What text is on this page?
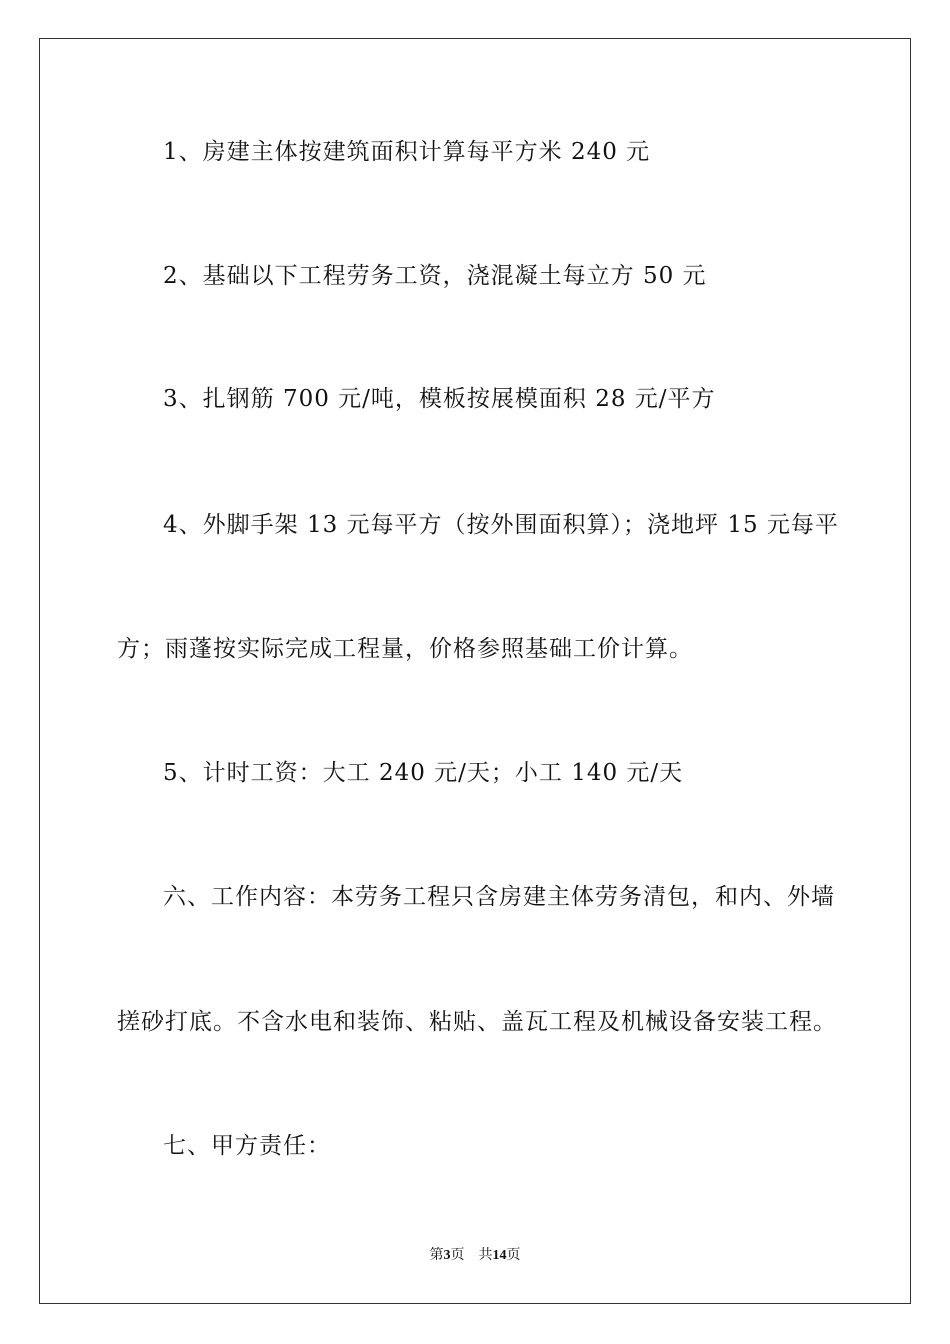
1、房建主体按建筑面积计算每平方米 240 元
2、基础以下工程劳务工资，浇混凝土每立方 50 元
3、扎钢筋 700 元/吨，模板按展模面积 28 元/平方
4、外脚手架 13 元每平方（按外围面积算）；浇地坪 15 元每平
方；雨蓬按实际完成工程量，价格参照基础工价计算。
5、计时工资：大工 240 元/天；小工 140 元/天
六、工作内容：本劳务工程只含房建主体劳务清包，和内、外墙
搓砂打底。不含水电和装饰、粘贴、盖瓦工程及机械设备安装工程。
七、甲方责任：
第3页 共14页
